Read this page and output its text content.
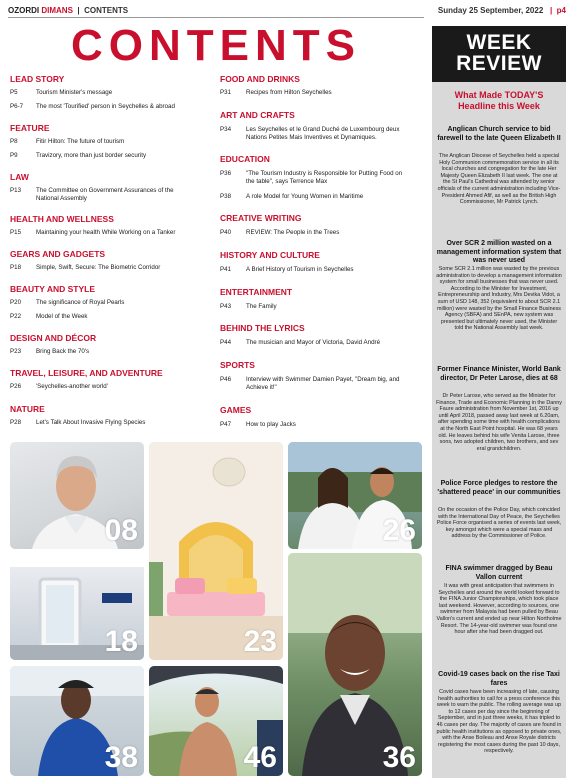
OZORDI DIMANS | CONTENTS	Sunday 25 September, 2022 | p4
CONTENTS
LEAD STORY
P5	Tourism Minister's message
P6-7	The most 'Tourified' person in Seychelles & abroad
FEATURE
P8	Fitir Hilton: The future of tourism
P9	Travizory, more than just border security
LAW
P13	The Committee on Government Assurances of the
National Assembly
HEALTH AND WELLNESS
P15	Maintaining your health While Working on a Tanker
GEARS AND GADGETS
P18	Simple, Swift, Secure: The Biometric Corridor
BEAUTY AND STYLE
P20	The significance of Royal Pearls
P22	Model of the Week
DESIGN AND DÉCOR
P23	Bring Back the 70's
TRAVEL, LEISURE, AND ADVENTURE
P26	'Seychelles-another world'
NATURE
P28	Let's Talk About Invasive Flying Species
FOOD AND DRINKS
P31	Recipes from Hilton Seychelles
ART AND CRAFTS
P34	Les Seychelles et le Grand Duché de Luxembourg deux
Nations Petites Mais Inventives et Dynamiques.
EDUCATION
P36	"The Tourism Industry is Responsible for Putting Food on
the table", says Terrence Max
P38	A role Model for Young Women in Maritime
CREATIVE WRITING
P40	REVIEW: The People in the Trees
HISTORY AND CULTURE
P41	A Brief History of Tourism in Seychelles
ENTERTAINMENT
P43	The Family
BEHIND THE LYRICS
P44	The musician and Mayor of Victoria, David André
SPORTS
P46	Interview with Swimmer Damien Payet, "Dream big, and
Achieve it!"
GAMES
P47	How to play Jacks
08
18
38
23
46
26
36
WEEK
REVIEW
What Made TODAY'S Headline this Week
Anglican Church service to bid farewell to the late Queen Elizabeth II
The Anglican Diocese of Seychelles held a special Holy Communion commemoration service in all its local churches and congregation for the late Her Majesty Queen Elizabeth II last week. The one at the St Paul's Cathedral was attended by senior officials of the current administration including Vice-President Ahmed Afif, as well as the British High Commissioner, Mr Patrick Lynch.
Over SCR 2 million wasted on a management information system that was never used
Some SCR 2.1 million was wasted by the previous administration to develop a management information system for small businesses that was never used. According to the Minister for Investment, Entrepreneurship and Industry, Mrs Devika Vidot, a sum of USD 148, 352 (equivalent to about SCR 2.1 million) were wasted by the Small Finance Business Agency (SBFA) and SEnPA, new system was presented but ultimately never used, the Minister told the National Assembly last week.
Former Finance Minister, World Bank director, Dr Peter Larose, dies at 68
Dr Peter Larose, who served as the Minister for Finance, Trade and Economic Planning in the Danny Faure administration from November 1st, 2016 up until April 2018, passed away last week at 6.20am, after spending some time with health complications at the North East Point hospital. He was 68 years old. He leaves behind his wife Venita Larose, three sons, two adopted children, two brothers, and sev eral grandchildren.
Police Force pledges to restore the 'shattered peace' in our communities
On the occasion of the Police Day, which coincided with the International Day of Peace, the Seychelles Police Force organised a series of events last week, key amongst which were a special mass and address by the Commissioner of Police.
FINA swimmer dragged by Beau Vallon current
It was with great anticipation that swimmers in Seychelles and around the world looked forward to the FINA Junior Championships, which took place last weekend. However, according to sources, one swimmer from Malaysia had been pulled by Beau Vallon's current and ended up near Hilton Northolme Resort. The 14-year-old swimmer was found one hour after she had been dragged out.
Covid-19 cases back on the rise Taxi fares
Covid cases have been increasing of late, causing health authorities to call for a press conference this week to warn the public. The rolling average was up to 12 cases per day since the beginning of September, and in just three weeks, it has tripled to 46 cases per day. The majority of cases are found in public health institutions as opposed to private ones, with the Anse Boileau and Anse Royale districts registering the most cases during the past 10 days, respectively.
